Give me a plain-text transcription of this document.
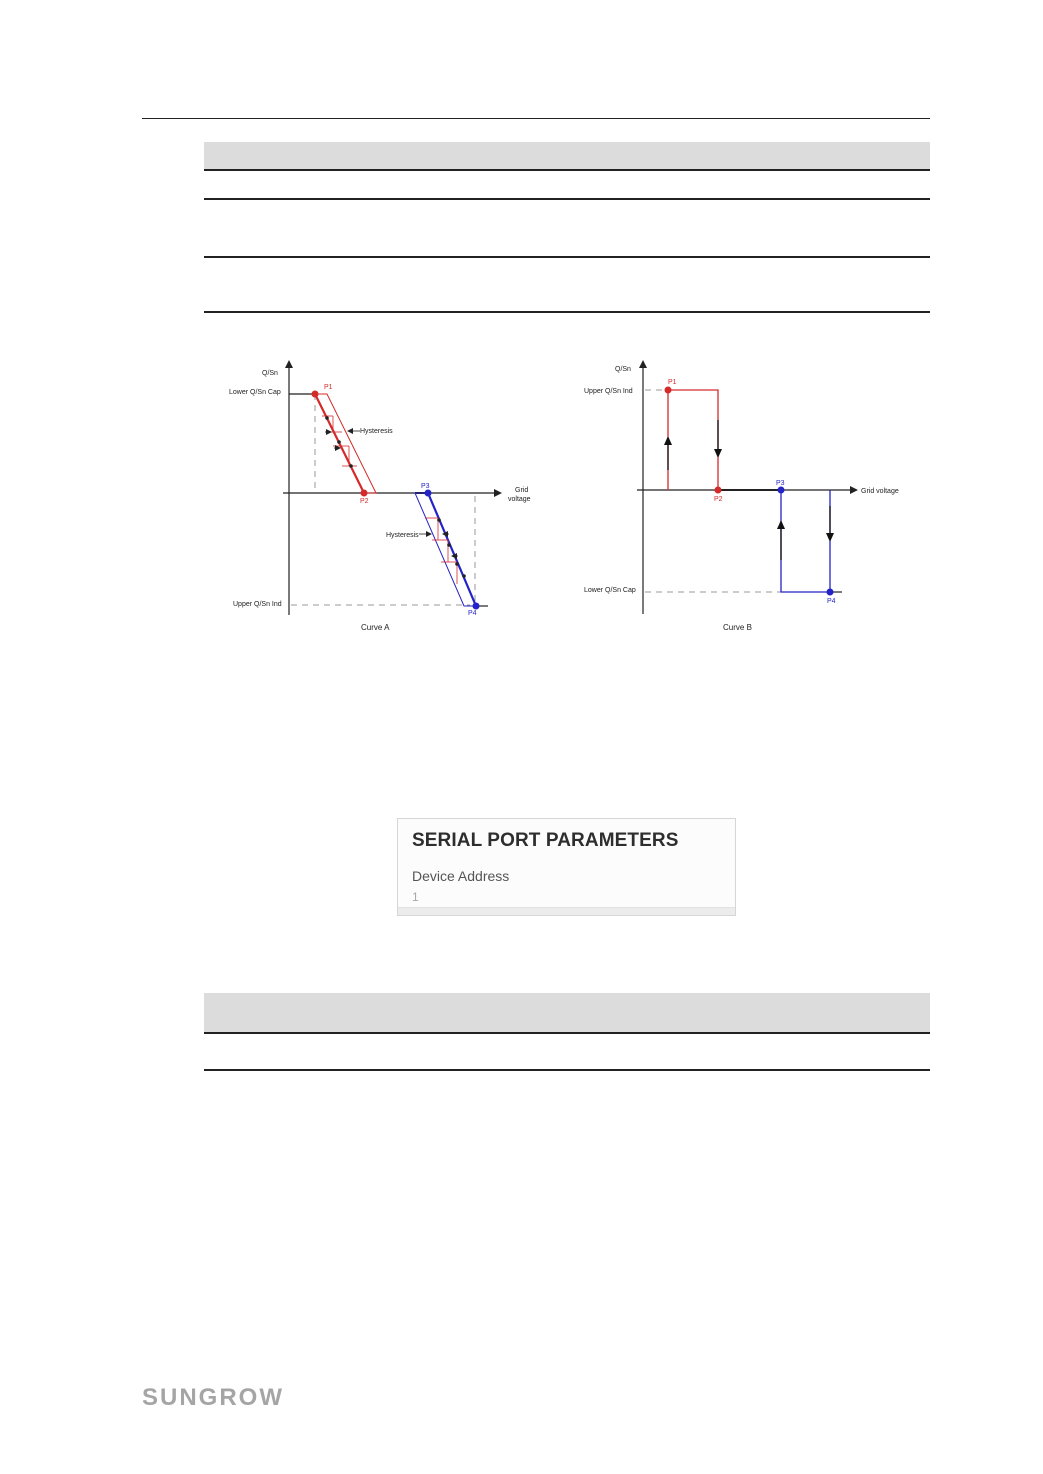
Q/Sn
Lower Q/Sn Cap
Upper Q/Sn Ind
Grid
voltage
Hysteresis
Hysteresis
P1
P2
P3
P4
Curve A
Q/Sn
Upper Q/Sn Ind
Lower Q/Sn Cap
Grid voltage
P1
P2
P3
P4
Curve B
SERIAL PORT PARAMETERS
Device Address
1
SUNGROW
